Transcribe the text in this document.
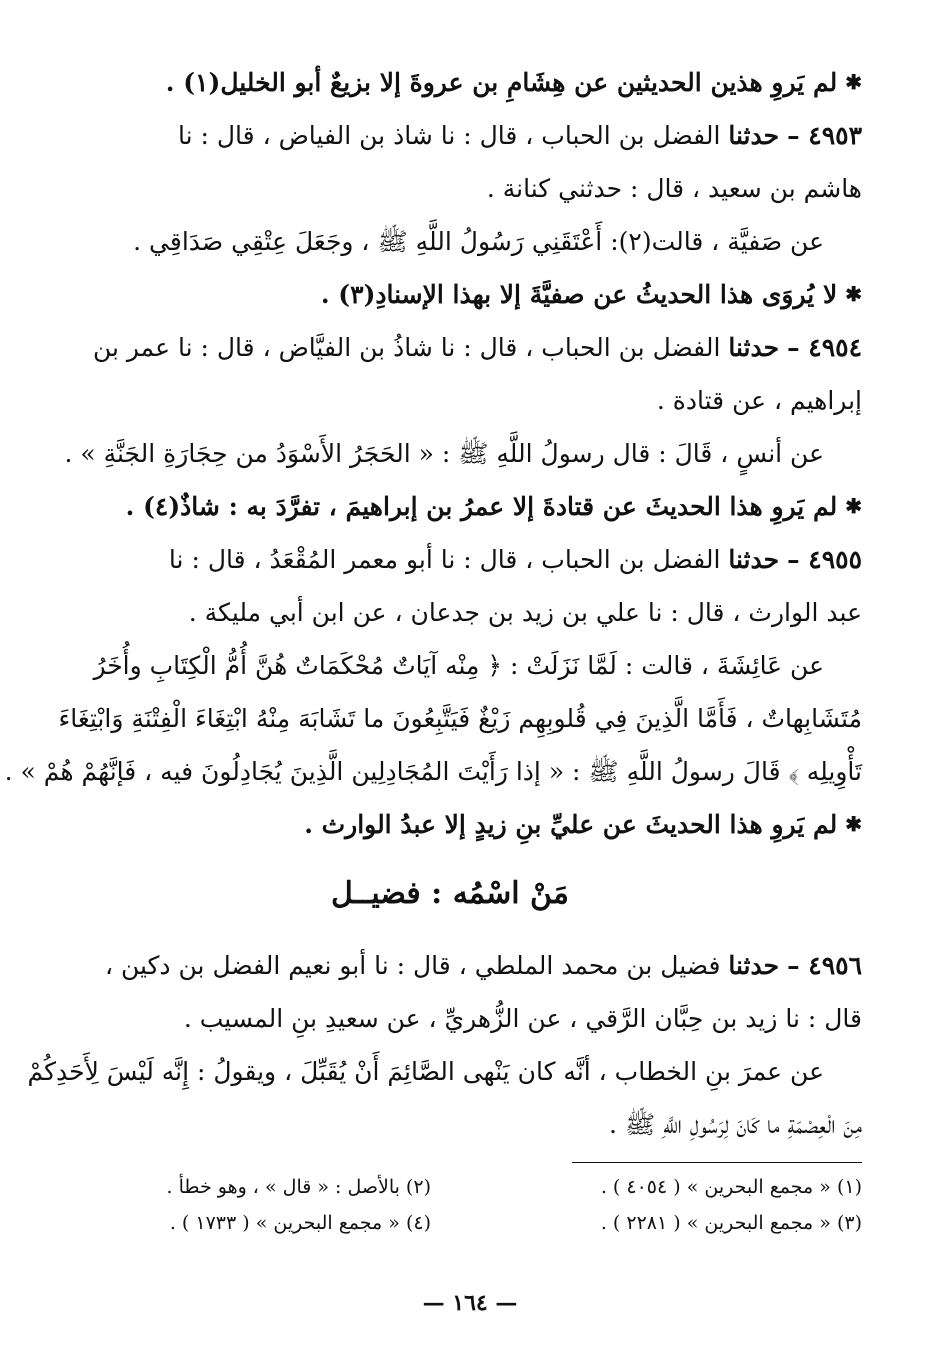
✱لم يَروِ هذين الحديثين عن هِشَامِ بن عروةَ إلا بزيعٌ أبو الخليل(١) .

٤٩٥٣ –حدثنا الفضل بن الحباب ، قال : نا شاذ بن الفياض ، قال : نا

هاشم بن سعيد ، قال : حدثني كنانة .

عن صَفيَّة ، قالت(٢): أَعْتَقَنِي رَسُولُ اللَّهِ ﷺ ، وجَعَلَ عِتْقِي صَدَاقِي .

✱لا يُروَى هذا الحديثُ عن صفيَّةَ إلا بهذا الإسنادِ(٣) .

٤٩٥٤ –حدثنا الفضل بن الحباب ، قال : نا شاذُ بن الفيَّاض ، قال : نا عمر بن

إبراهيم ، عن قتادة .

عن أنسٍ ، قَالَ : قال رسولُ اللَّهِ ﷺ : « الحَجَرُ الأَسْوَدُ من حِجَارَةِ الجَنَّةِ » .

✱لم يَروِ هذا الحديثَ عن قتادةَ إلا عمرُ بن إبراهيمَ ، تفرَّدَ به : شاذٌ(٤) .

٤٩٥٥ –حدثنا الفضل بن الحباب ، قال : نا أبو معمر المُقْعَدُ ، قال : نا

عبد الوارث ، قال : نا علي بن زيد بن جدعان ، عن ابن أبي مليكة .

عن عَائِشَةَ ، قالت : لَمَّا نَزَلَتْ : ﴿ مِنْه آيَاتٌ مُحْكَمَاتٌ هُنَّ أُمُّ الْكِتَابِ وأُخَرُ

مُتَشَابِهاتٌ ، فَأَمَّا الَّذِينَ فِي قُلوبِهِم زَيْغٌ فَيَتَّبِعُونَ ما تَشَابَهَ مِنْهُ ابْتِغَاءَ الْفِتْنَةِ وَابْتِغَاءَ

تَأْوِيلِه ﴾ قَالَ رسولُ اللَّهِ ﷺ : « إذا رَأَيْتَ المُجَادِلِين الَّذِينَ يُجَادِلُونَ فيه ، فَإنَّهُمْ هُمْ » .

✱لم يَروِ هذا الحديثَ عن عليِّ بنِ زيدٍ إلا عبدُ الوارث .

مَنْ اسْمُه : فضيــل

٤٩٥٦ –حدثنا فضيل بن محمد الملطي ، قال : نا أبو نعيم الفضل بن دكين ،

قال : نا زيد بن حِبَّان الرَّقي ، عن الزُّهريِّ ، عن سعيدِ بنِ المسيب .

عن عمرَ بنِ الخطاب ، أنَّه كان يَنْهى الصَّائِمَ أَنْ يُقَبِّلَ ، ويقولُ : إِنَّه لَيْسَ لِأَحَدِكُمْ

مِنَ الْعِصْمَةِ ما كَانَ لِرَسُولِ اللَّهِ ﷺ .

(١) « مجمع البحرين » ( ٤٠٥٤ ) .
(٢) بالأصل : « قال » ، وهو خطأ .
(٣) « مجمع البحرين » ( ٢٢٨١ ) .
(٤) « مجمع البحرين » ( ١٧٣٣ ) .
— ١٦٤ —
